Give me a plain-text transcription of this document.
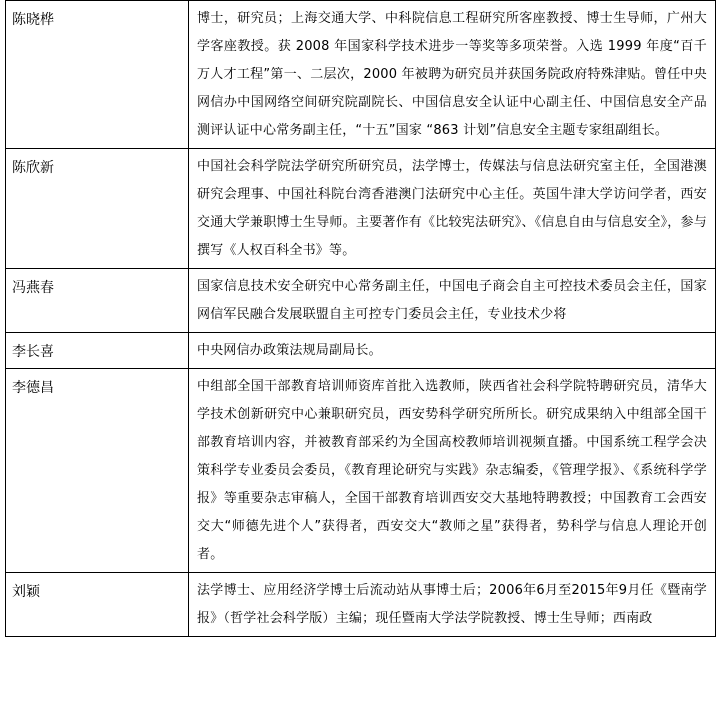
陈晓桦	博士，研究员；上海交通大学、中科院信息工程研究所客座教授、博士生导师，广州大学客座教授。获 2008 年国家科学技术进步一等奖等多项荣誉。入选 1999 年度“百千万人才工程”第一、二层次，2000 年被聘为研究员并获国务院政府特殊津贴。曾任中央网信办中国网络空间研究院副院长、中国信息安全认证中心副主任、中国信息安全产品测评认证中心常务副主任，“十五”国家 “863 计划”信息安全主题专家组副组长。
陈欣新	中国社会科学院法学研究所研究员，法学博士，传媒法与信息法研究室主任，全国港澳研究会理事、中国社科院台湾香港澳门法研究中心主任。英国牛津大学访问学者，西安交通大学兼职博士生导师。主要著作有《比较宪法研究》、《信息自由与信息安全》，参与撰写《人权百科全书》等。
冯燕春	国家信息技术安全研究中心常务副主任，中国电子商会自主可控技术委员会主任，国家网信军民融合发展联盟自主可控专门委员会主任，专业技术少将
李长喜	中央网信办政策法规局副局长。
李德昌	中组部全国干部教育培训师资库首批入选教师，陕西省社会科学院特聘研究员，清华大学技术创新研究中心兼职研究员，西安势科学研究所所长。研究成果纳入中组部全国干部教育培训内容，并被教育部采约为全国高校教师培训视频直播。中国系统工程学会决策科学专业委员会委员，《教育理论研究与实践》杂志编委，《管理学报》、《系统科学学报》等重要杂志审稿人，全国干部教育培训西安交大基地特聘教授；中国教育工会西安交大“师德先进个人”获得者，西安交大“教师之星”获得者，势科学与信息人理论开创者。
刘颖	法学博士、应用经济学博士后流动站从事博士后；2006年6月至2015年9月任《暨南学报》（哲学社会科学版）主编；现任暨南大学法学院教授、博士生导师；西南政
